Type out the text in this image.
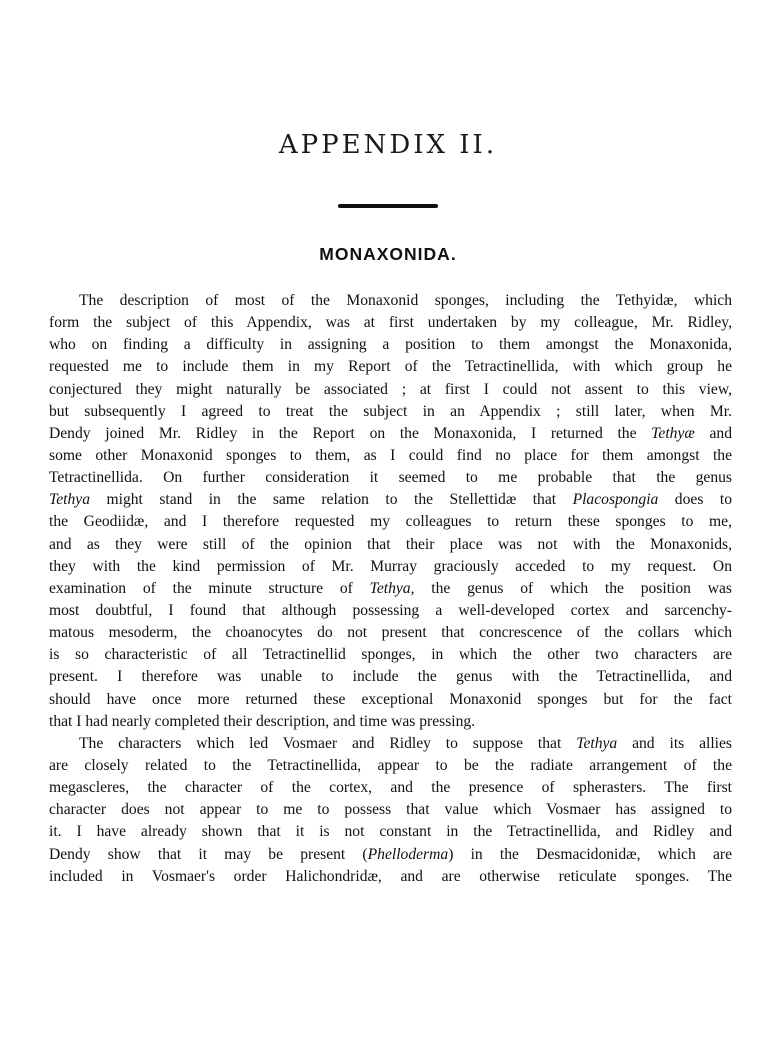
APPENDIX II.
MONAXONIDA.
The description of most of the Monaxonid sponges, including the Tethyidæ, which
form the subject of this Appendix, was at first undertaken by my colleague, Mr. Ridley,
who on finding a difficulty in assigning a position to them amongst the Monaxonida,
requested me to include them in my Report of the Tetractinellida, with which group he
conjectured they might naturally be associated ; at first I could not assent to this view,
but subsequently I agreed to treat the subject in an Appendix ; still later, when Mr.
Dendy joined Mr. Ridley in the Report on the Monaxonida, I returned the Tethyæ and
some other Monaxonid sponges to them, as I could find no place for them amongst the
Tetractinellida. On further consideration it seemed to me probable that the genus
Tethya might stand in the same relation to the Stellettidæ that Placospongia does to
the Geodiidæ, and I therefore requested my colleagues to return these sponges to me,
and as they were still of the opinion that their place was not with the Monaxonids,
they with the kind permission of Mr. Murray graciously acceded to my request. On
examination of the minute structure of Tethya, the genus of which the position was
most doubtful, I found that although possessing a well-developed cortex and sarcenchy-
matous mesoderm, the choanocytes do not present that concrescence of the collars which
is so characteristic of all Tetractinellid sponges, in which the other two characters are
present. I therefore was unable to include the genus with the Tetractinellida, and
should have once more returned these exceptional Monaxonid sponges but for the fact
that I had nearly completed their description, and time was pressing.
The characters which led Vosmaer and Ridley to suppose that Tethya and its allies
are closely related to the Tetractinellida, appear to be the radiate arrangement of the
megascleres, the character of the cortex, and the presence of spherasters. The first
character does not appear to me to possess that value which Vosmaer has assigned to
it. I have already shown that it is not constant in the Tetractinellida, and Ridley and
Dendy show that it may be present (Phelloderma) in the Desmacidonidæ, which are
included in Vosmaer's order Halichondridæ, and are otherwise reticulate sponges. The
